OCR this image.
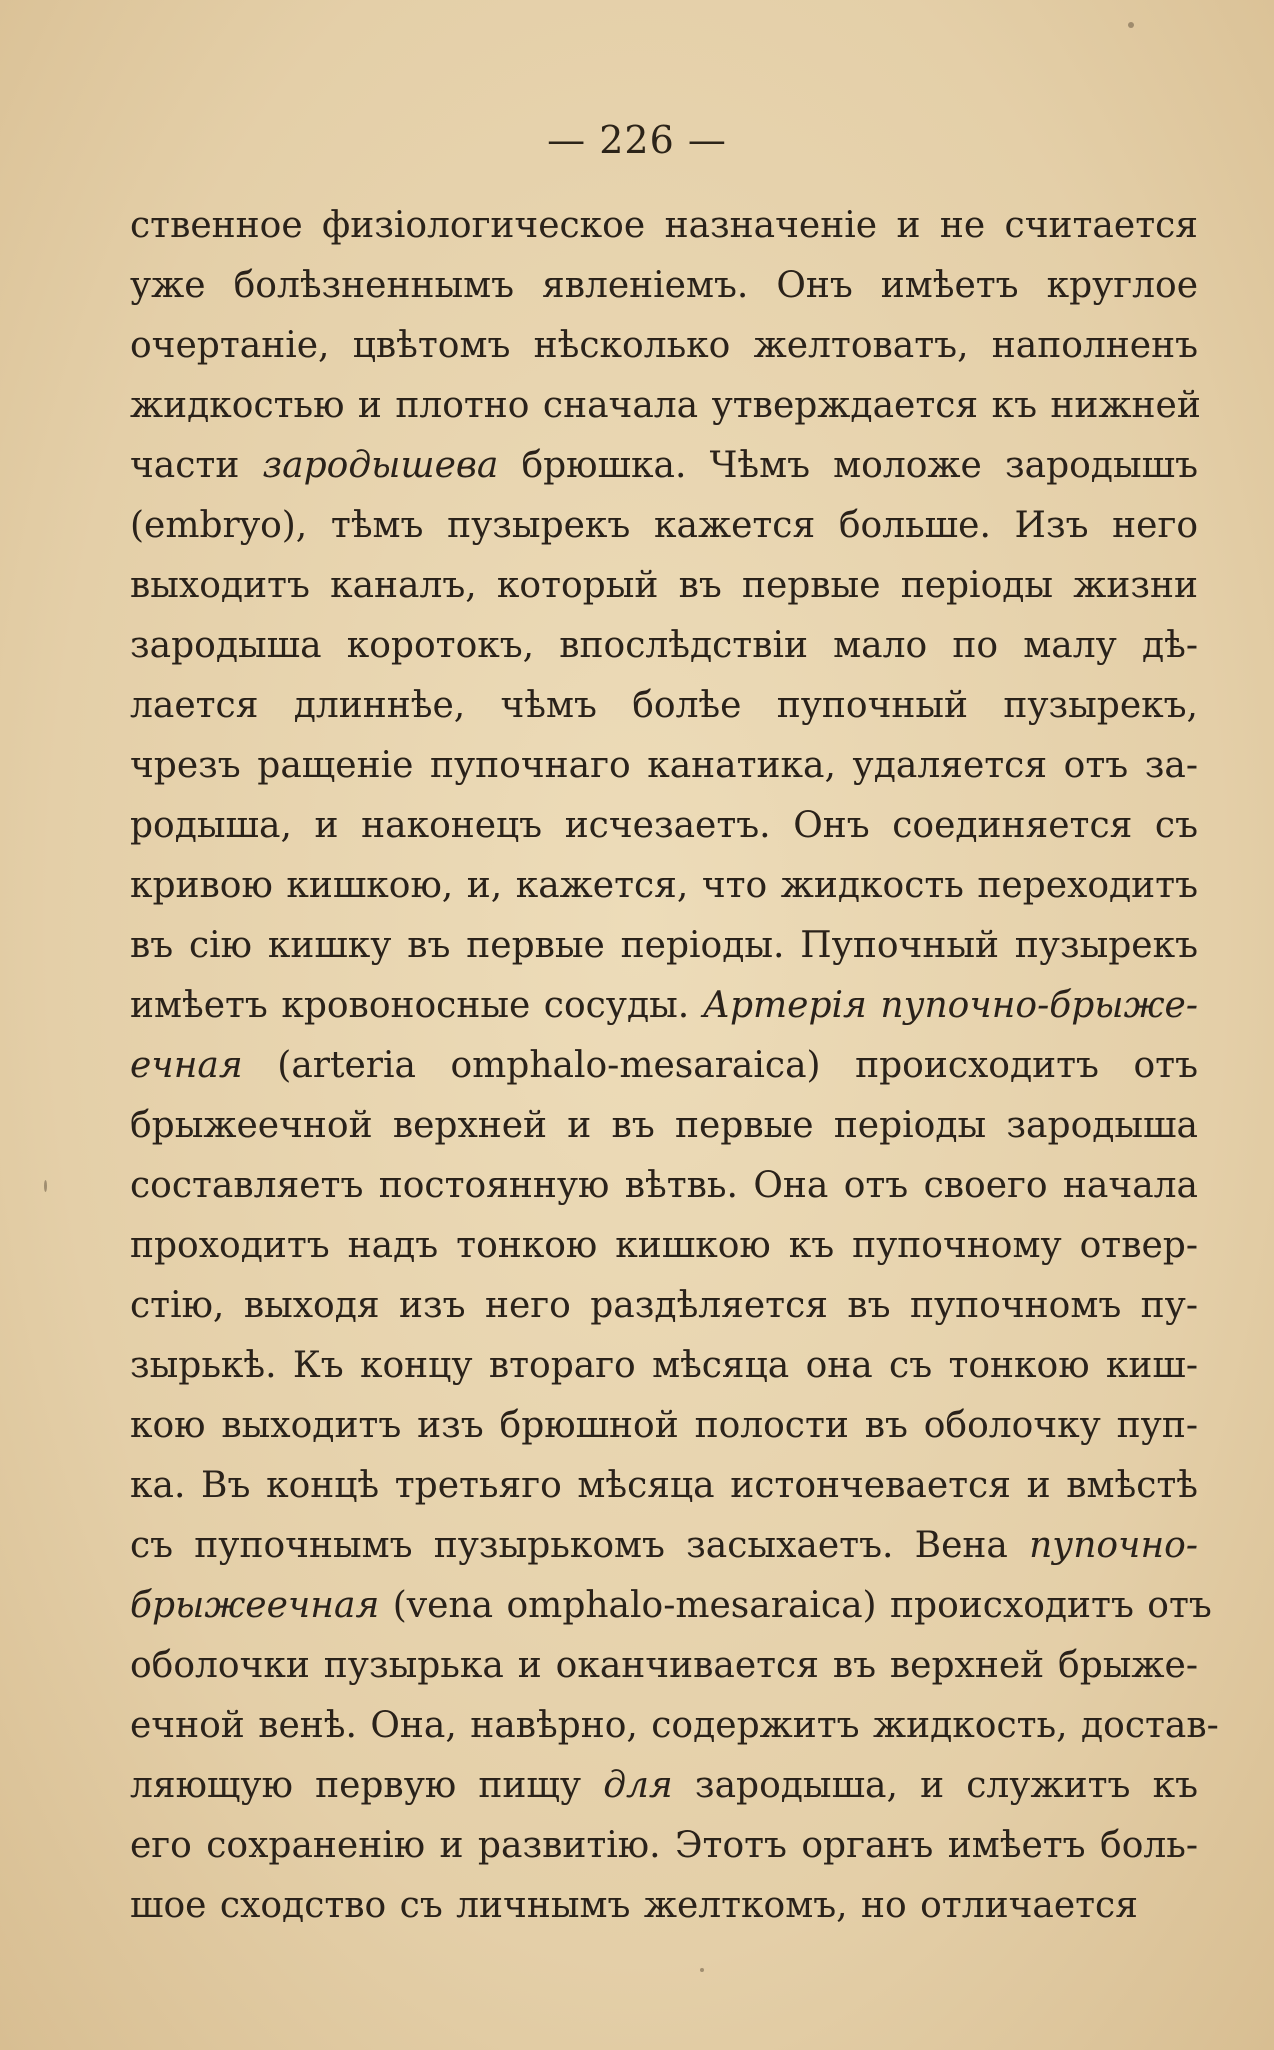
— 226 —
ственное физiологическое назначенiе и не считается
уже болѣзненнымъ явленiемъ. Онъ имѣетъ круглое
очертанiе, цвѣтомъ нѣсколько желтоватъ, наполненъ
жидкостью и плотно сначала утверждается къ нижней
части зародышева брюшка. Чѣмъ моложе зародышъ
(embryo), тѣмъ пузырекъ кажется больше. Изъ него
выходитъ каналъ, который въ первые перiоды жизни
зародыша коротокъ, впослѣдствiи мало по малу дѣ-
лается длиннѣе, чѣмъ болѣе пупочный пузырекъ,
чрезъ ращенiе пупочнаго канатика, удаляется отъ за-
родыша, и наконецъ исчезаетъ. Онъ соединяется съ
кривою кишкою, и, кажется, что жидкость переходитъ
въ сiю кишку въ первые перiоды. Пупочный пузырекъ
имѣетъ кровоносные сосуды. Артерiя пупочно-брыже-
ечная (arteria omphalo-mesaraica) происходитъ отъ
брыжеечной верхней и въ первые перiоды зародыша
составляетъ постоянную вѣтвь. Она отъ своего начала
проходитъ надъ тонкою кишкою къ пупочному отвер-
стiю, выходя изъ него раздѣляется въ пупочномъ пу-
зырькѣ. Къ концу втораго мѣсяца она съ тонкою киш-
кою выходитъ изъ брюшной полости въ оболочку пуп-
ка. Въ концѣ третьяго мѣсяца истончевается и вмѣстѣ
съ пупочнымъ пузырькомъ засыхаетъ. Вена пупочно-
брыжеечная (vena omphalo-mesaraica) происходитъ отъ
оболочки пузырька и оканчивается въ верхней брыже-
ечной венѣ. Она, навѣрно, содержитъ жидкость, достав-
ляющую первую пищу для зародыша, и служитъ къ
его сохраненiю и развитiю. Этотъ органъ имѣетъ боль-
шое сходство съ личнымъ желткомъ, но отличается
